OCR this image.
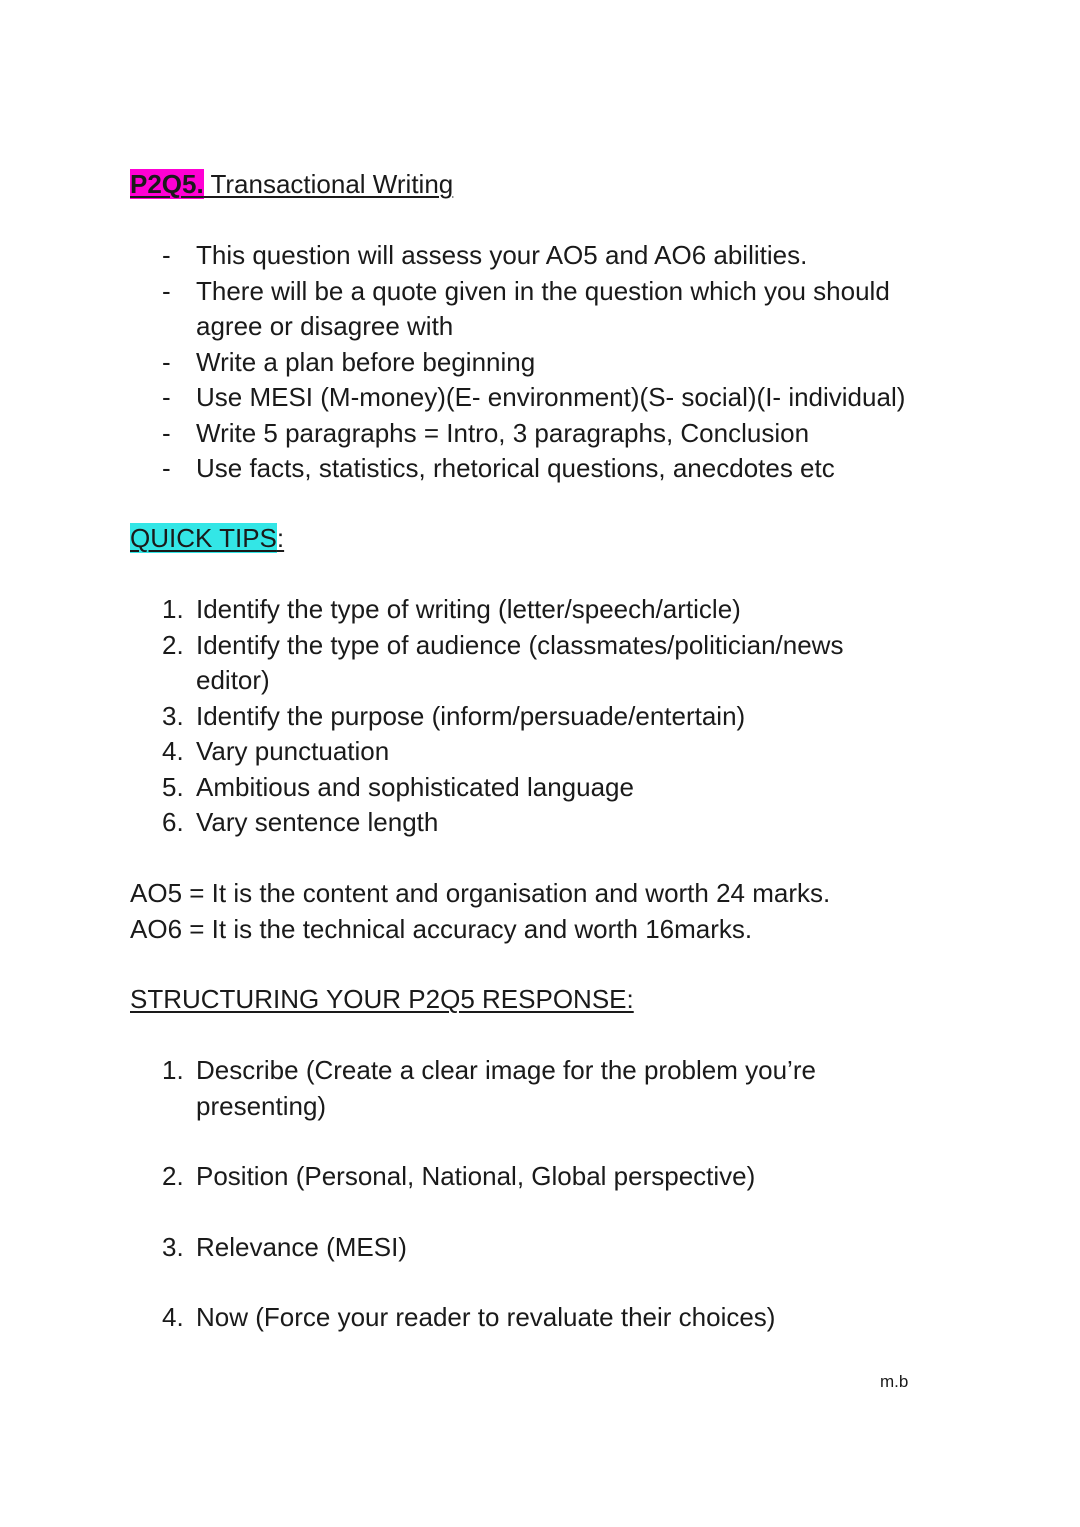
P2Q5. Transactional Writing
- This question will assess your AO5 and AO6 abilities.
- There will be a quote given in the question which you should
agree or disagree with
- Write a plan before beginning
- Use MESI (M-money)(E- environment)(S- social)(I- individual)
- Write 5 paragraphs = Intro, 3 paragraphs, Conclusion
- Use facts, statistics, rhetorical questions, anecdotes etc
QUICK TIPS:
1. Identify the type of writing (letter/speech/article)
2. Identify the type of audience (classmates/politician/news
editor)
3. Identify the purpose (inform/persuade/entertain)
4. Vary punctuation
5. Ambitious and sophisticated language
6. Vary sentence length
AO5 = It is the content and organisation and worth 24 marks.
AO6 = It is the technical accuracy and worth 16marks.
STRUCTURING YOUR P2Q5 RESPONSE:
1. Describe (Create a clear image for the problem you’re
presenting)
2. Position (Personal, National, Global perspective)
3. Relevance (MESI)
4. Now (Force your reader to revaluate their choices)
m.b
